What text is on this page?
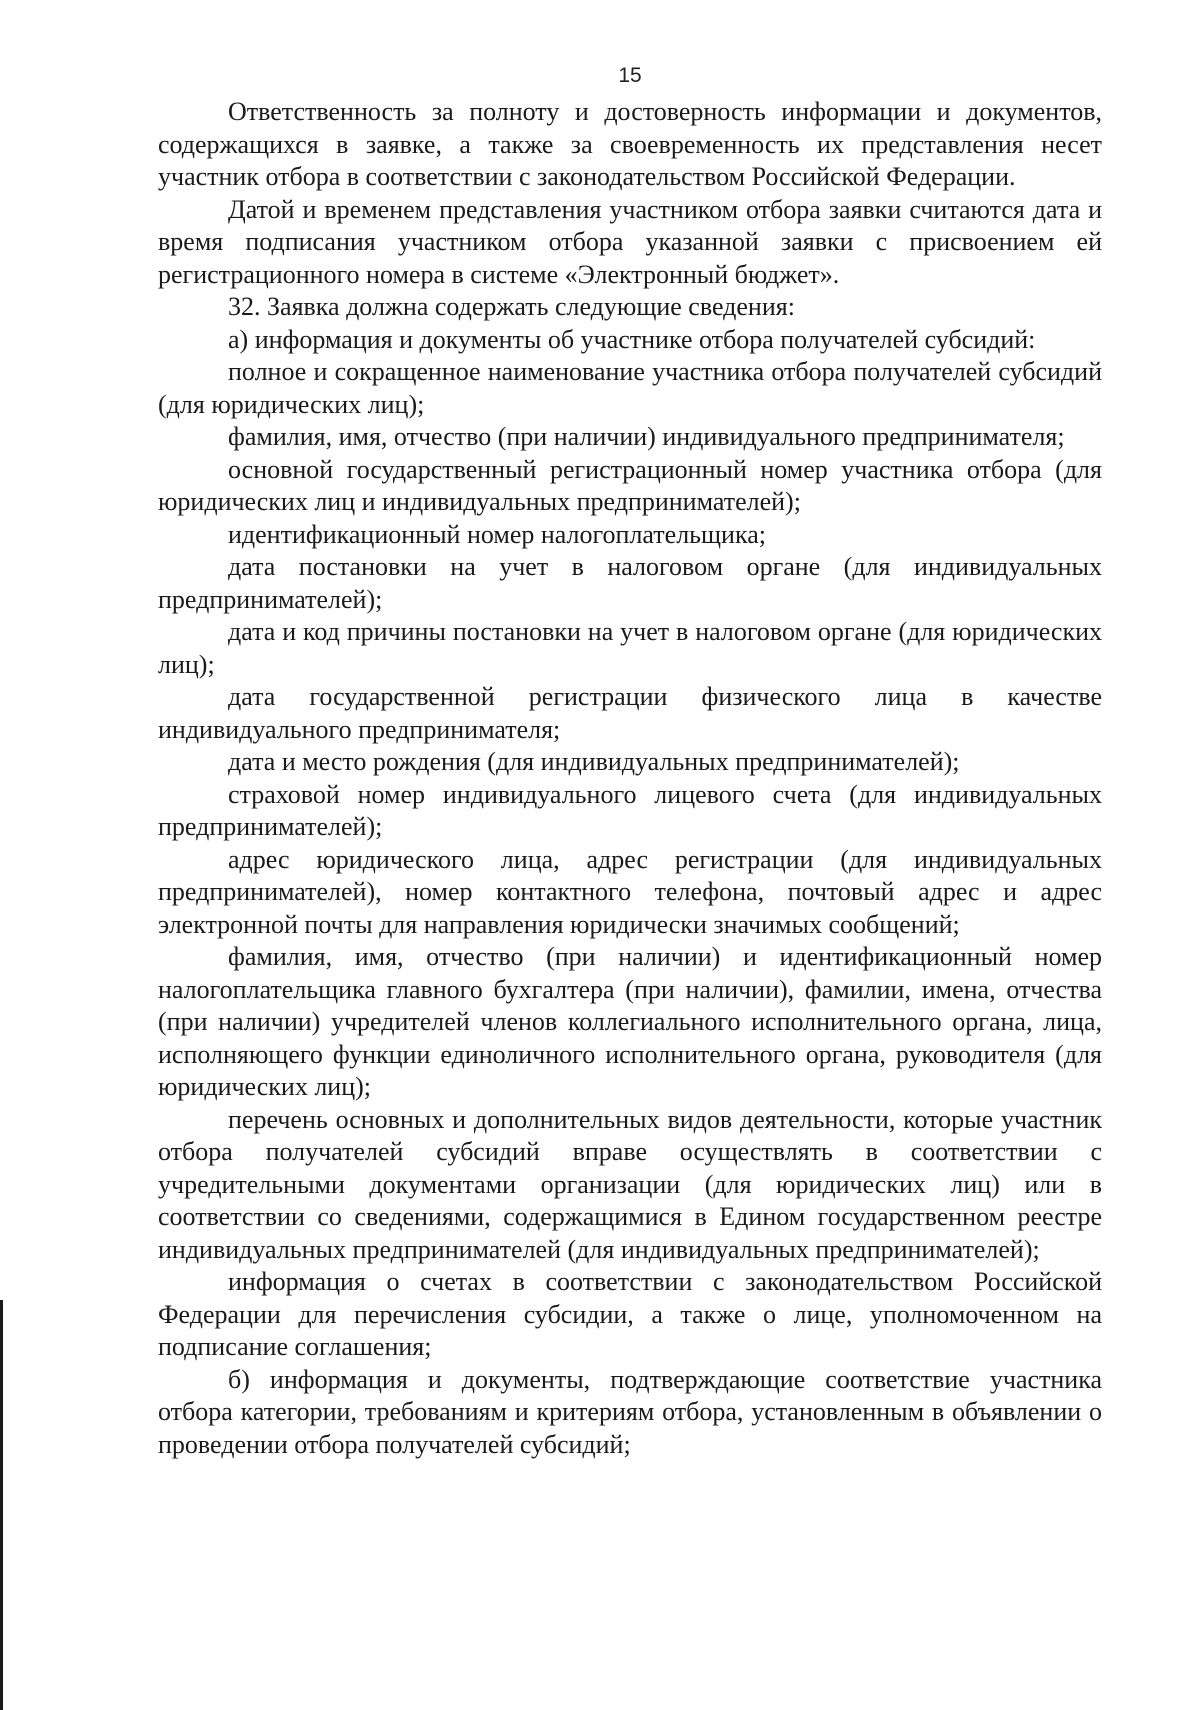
15

Ответственность за полноту и достоверность информации и документов, содержащихся в заявке, а также за своевременность их представления несет участник отбора в соответствии с законодательством Российской Федерации.

Датой и временем представления участником отбора заявки считаются дата и время подписания участником отбора указанной заявки с присвоением ей регистрационного номера в системе «Электронный бюджет».

32. Заявка должна содержать следующие сведения:

а) информация и документы об участнике отбора получателей субсидий:

полное и сокращенное наименование участника отбора получателей субсидий (для юридических лиц);

фамилия, имя, отчество (при наличии) индивидуального предпринимателя;

основной государственный регистрационный номер участника отбора (для юридических лиц и индивидуальных предпринимателей);

идентификационный номер налогоплательщика;

дата постановки на учет в налоговом органе (для индивидуальных предпринимателей);

дата и код причины постановки на учет в налоговом органе (для юридических лиц);

дата государственной регистрации физического лица в качестве индивидуального предпринимателя;

дата и место рождения (для индивидуальных предпринимателей);

страховой номер индивидуального лицевого счета (для индивидуальных предпринимателей);

адрес юридического лица, адрес регистрации (для индивидуальных предпринимателей), номер контактного телефона, почтовый адрес и адрес электронной почты для направления юридически значимых сообщений;

фамилия, имя, отчество (при наличии) и идентификационный номер налогоплательщика главного бухгалтера (при наличии), фамилии, имена, отчества (при наличии) учредителей членов коллегиального исполнительного органа, лица, исполняющего функции единоличного исполнительного органа, руководителя (для юридических лиц);

перечень основных и дополнительных видов деятельности, которые участник отбора получателей субсидий вправе осуществлять в соответствии с учредительными документами организации (для юридических лиц) или в соответствии со сведениями, содержащимися в Едином государственном реестре индивидуальных предпринимателей (для индивидуальных предпринимателей);

информация о счетах в соответствии с законодательством Российской Федерации для перечисления субсидии, а также о лице, уполномоченном на подписание соглашения;

б) информация и документы, подтверждающие соответствие участника отбора категории, требованиям и критериям отбора, установленным в объявлении о проведении отбора получателей субсидий;
